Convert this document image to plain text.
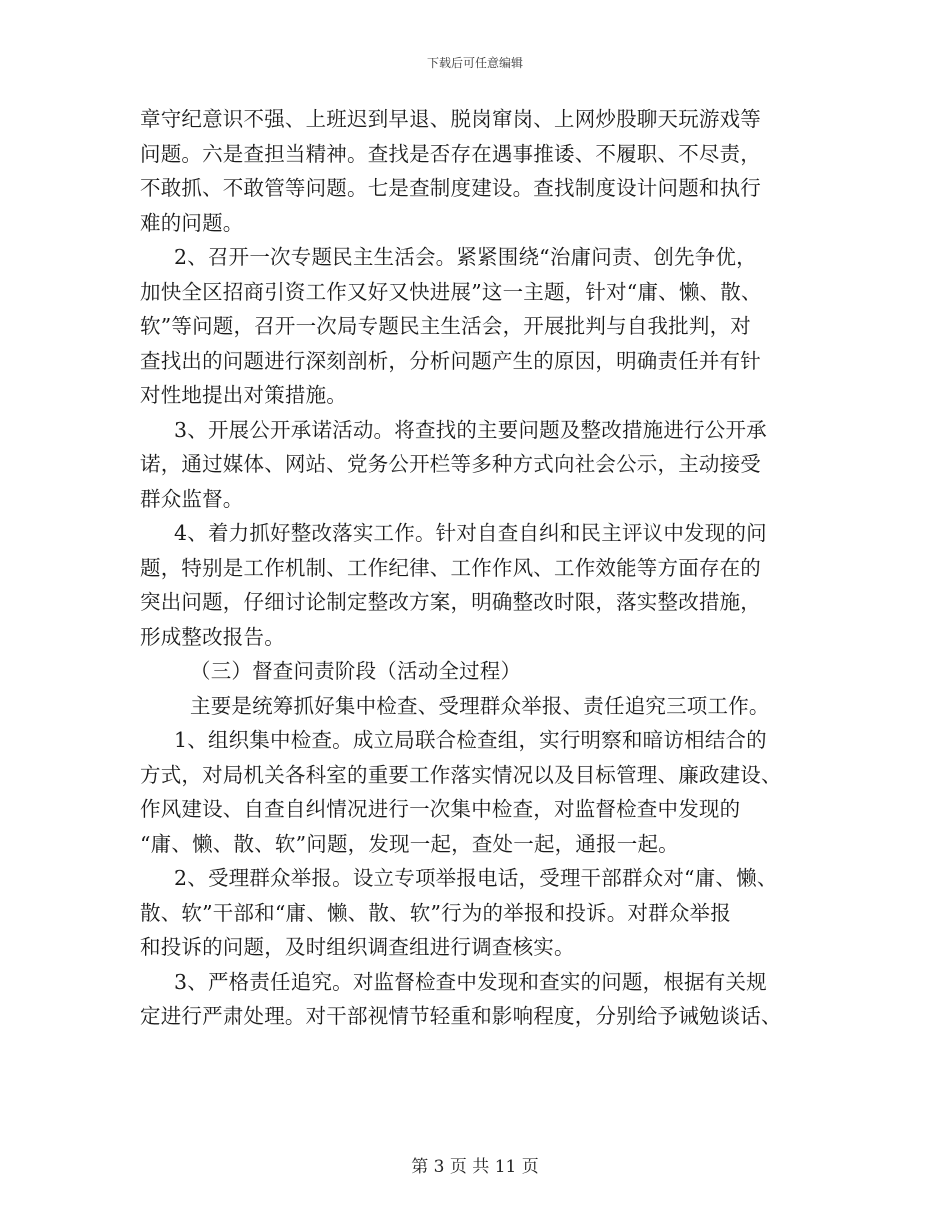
下载后可任意编辑
章守纪意识不强、上班迟到早退、脱岗窜岗、上网炒股聊天玩游戏等
问题。六是查担当精神。查找是否存在遇事推诿、不履职、不尽责，
不敢抓、不敢管等问题。七是查制度建设。查找制度设计问题和执行
难的问题。
2、召开一次专题民主生活会。紧紧围绕“治庸问责、创先争优，
加快全区招商引资工作又好又快进展”这一主题，针对“庸、懒、散、
软”等问题，召开一次局专题民主生活会，开展批判与自我批判，对
查找出的问题进行深刻剖析，分析问题产生的原因，明确责任并有针
对性地提出对策措施。
3、开展公开承诺活动。将查找的主要问题及整改措施进行公开承
诺，通过媒体、网站、党务公开栏等多种方式向社会公示，主动接受
群众监督。
4、着力抓好整改落实工作。针对自查自纠和民主评议中发现的问
题，特别是工作机制、工作纪律、工作作风、工作效能等方面存在的
突出问题，仔细讨论制定整改方案，明确整改时限，落实整改措施，
形成整改报告。
（三）督查问责阶段（活动全过程）
主要是统筹抓好集中检查、受理群众举报、责任追究三项工作。
1、组织集中检查。成立局联合检查组，实行明察和暗访相结合的
方式，对局机关各科室的重要工作落实情况以及目标管理、廉政建设、
作风建设、自查自纠情况进行一次集中检查，对监督检查中发现的
“庸、懒、散、软”问题，发现一起，查处一起，通报一起。
2、受理群众举报。设立专项举报电话，受理干部群众对“庸、懒、
散、软”干部和“庸、懒、散、软”行为的举报和投诉。对群众举报
和投诉的问题，及时组织调查组进行调查核实。
3、严格责任追究。对监督检查中发现和查实的问题，根据有关规
定进行严肃处理。对干部视情节轻重和影响程度，分别给予诫勉谈话、
第 3 页 共 11 页
